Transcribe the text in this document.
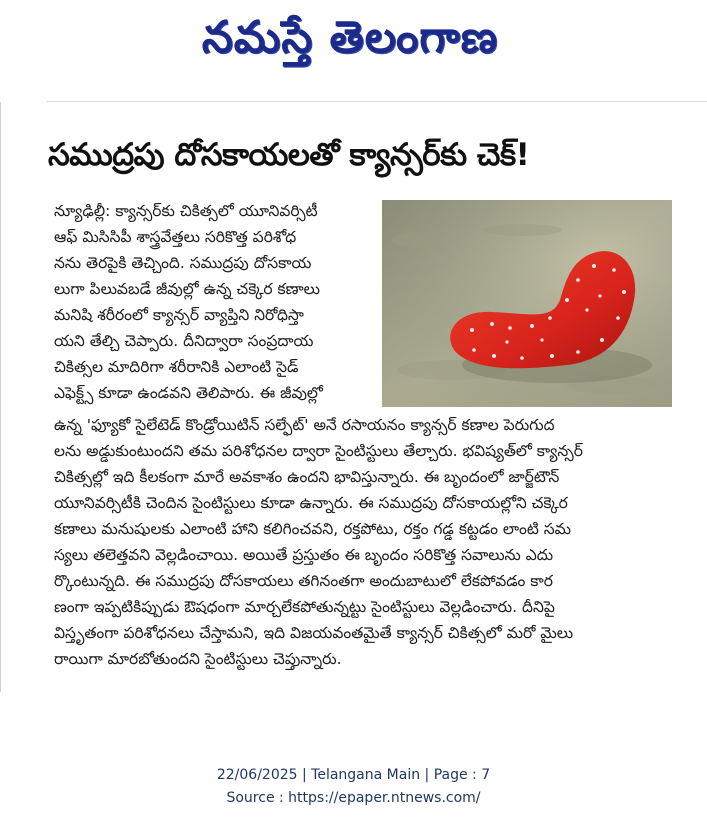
నమస్తే తెలంగాణ
సముద్రపు దోసకాయలతో క్యాన్సర్‌కు చెక్!
న్యూఢిల్లీ: క్యాన్సర్‌కు చికిత్సలో యూనివర్సిటీ
ఆఫ్ మిసిసిపీ శాస్త్రవేత్తలు సరికొత్త పరిశోధ
నను తెరపైకి తెచ్చింది. సముద్రపు దోసకాయ
లుగా పిలువబడే జీవుల్లో ఉన్న చక్కెర కణాలు
మనిషి శరీరంలో క్యాన్సర్ వ్యాప్తిని నిరోధిస్తా
యని తేల్చి చెప్పారు. దీనిద్వారా సంప్రదాయ
చికిత్సల మాదిరిగా శరీరానికి ఎలాంటి సైడ్
ఎఫెక్ట్స్ కూడా ఉండవని తెలిపారు. ఈ జీవుల్లో
ఉన్న 'ఫ్యూకో సైలేటెడ్ కొండ్రోయిటిన్ సల్ఫేట్' అనే రసాయనం క్యాన్సర్ కణాల పెరుగుద
లను అడ్డుకుంటుందని తమ పరిశోధనల ద్వారా సైంటిస్టులు తేల్చారు. భవిష్యత్‌లో క్యాన్సర్
చికిత్సల్లో ఇది కీలకంగా మారే అవకాశం ఉందని భావిస్తున్నారు. ఈ బృందంలో జార్జ్‌టౌన్
యూనివర్సిటీకి చెందిన సైంటిస్టులు కూడా ఉన్నారు. ఈ సముద్రపు దోసకాయల్లోని చక్కెర
కణాలు మనుషులకు ఎలాంటి హాని కలిగించవని, రక్తపోటు, రక్తం గడ్డ కట్టడం లాంటి సమ
స్యలు తలెత్తవని వెల్లడించాయి. అయితే ప్రస్తుతం ఈ బృందం సరికొత్త సవాలును ఎదు
ర్కొంటున్నది. ఈ సముద్రపు దోసకాయలు తగినంతగా అందుబాటులో లేకపోవడం కార
ణంగా ఇప్పటికిప్పుడు ఔషధంగా మార్చలేకపోతున్నట్టు సైంటిస్టులు వెల్లడించారు. దీనిపై
విస్తృతంగా పరిశోధనలు చేస్తామని, ఇది విజయవంతమైతే క్యాన్సర్ చికిత్సలో మరో మైలు
రాయిగా మారబోతుందని సైంటిస్టులు చెప్తున్నారు.
22/06/2025 | Telangana Main | Page : 7
Source : https://epaper.ntnews.com/
